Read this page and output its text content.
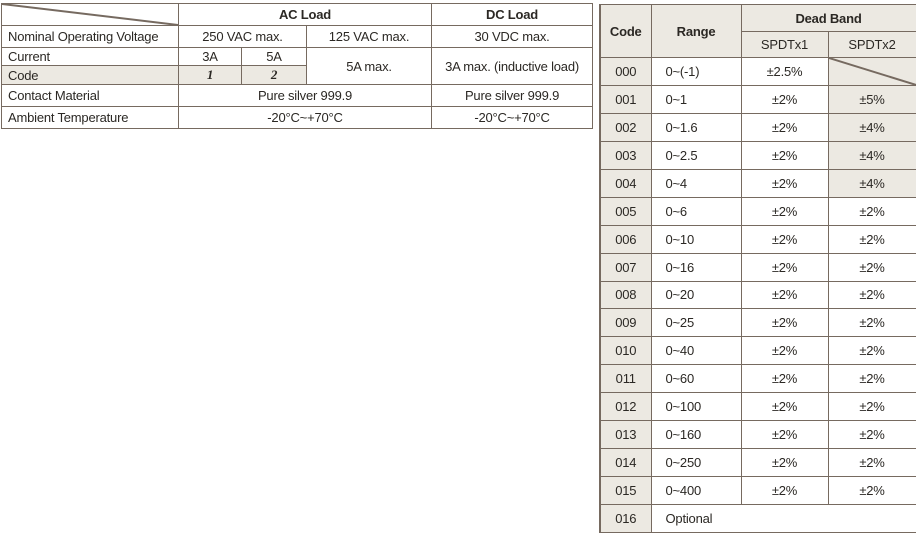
	AC Load			DC Load
Nominal Operating Voltage	250 VAC max.		125 VAC max.	30 VDC max.
Current	3A	5A	5A max.	3A max. (inductive load)
Code	1	2		
Contact Material	Pure silver 999.9			Pure silver 999.9
Ambient Temperature	-20°C~+70°C			-20°C~+70°C
Code	Range	Dead Band	
		SPDTx1	SPDTx2
000	0~(-1)	±2.5%	

001	0~1	±2%	±5%
002	0~1.6	±2%	±4%
003	0~2.5	±2%	±4%
004	0~4	±2%	±4%
005	0~6	±2%	±2%
006	0~10	±2%	±2%
007	0~16	±2%	±2%
008	0~20	±2%	±2%
009	0~25	±2%	±2%
010	0~40	±2%	±2%
011	0~60	±2%	±2%
012	0~100	±2%	±2%
013	0~160	±2%	±2%
014	0~250	±2%	±2%
015	0~400	±2%	±2%
016	Optional		
